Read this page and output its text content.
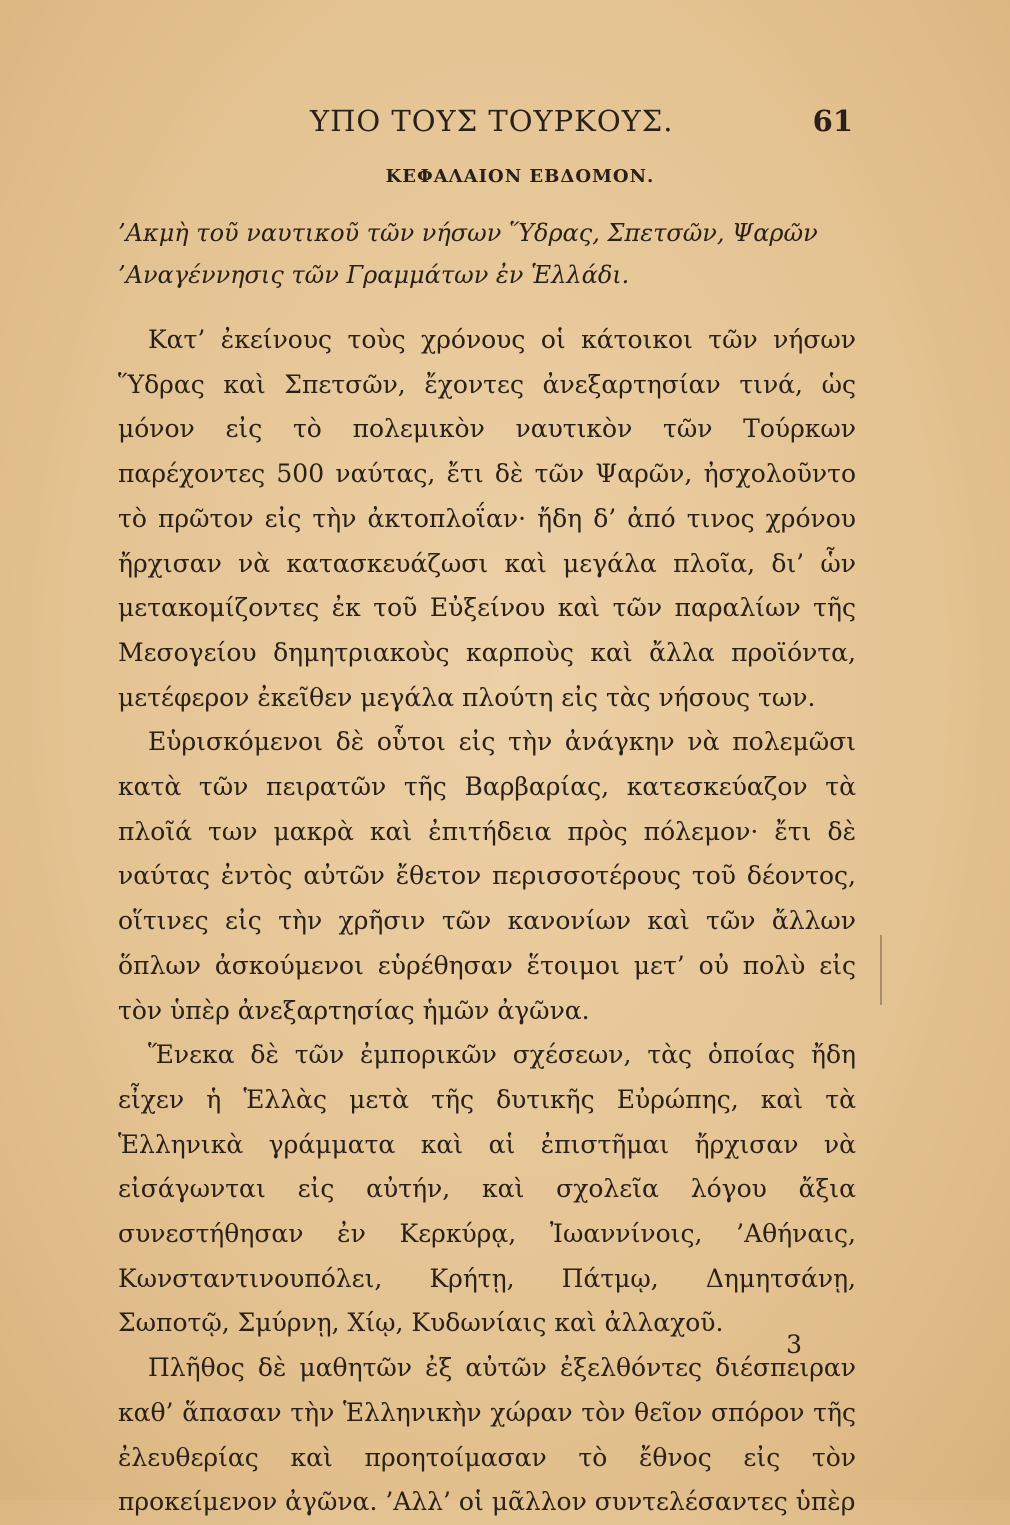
ΥΠΟ ΤΟΥΣ ΤΟΥΡΚΟΥΣ.	61
ΚΕΦΑΛΑΙΟΝ ΕΒΔΟΜΟΝ.
’Ακμὴ τοῦ ναυτικοῦ τῶν νήσων Ὕδρας, Σπετσῶν, Ψαρῶν
’Αναγέννησις τῶν Γραμμάτων ἐν Ἑλλάδι.

Κατ’ ἐκείνους τοὺς χρόνους οἱ κάτοικοι τῶν νήσων Ὕδρας καὶ Σπετσῶν, ἔχοντες ἀνεξαρτησίαν τινά, ὡς μόνον εἰς τὸ πολεμικὸν ναυτικὸν τῶν Τούρκων παρέχοντες 500 ναύτας, ἔτι δὲ τῶν Ψαρῶν, ἠσχολοῦντο τὸ πρῶτον εἰς τὴν ἀκτοπλοΐαν· ἤδη δ’ ἀπό τινος χρόνου ἤρχισαν νὰ κατασκευάζωσι καὶ μεγάλα πλοῖα, δι’ ὧν μετακομίζοντες ἐκ τοῦ Εὐξείνου καὶ τῶν παραλίων τῆς Μεσογείου δημητριακοὺς καρποὺς καὶ ἄλλα προϊόντα, μετέφερον ἐκεῖθεν μεγάλα πλούτη εἰς τὰς νήσους των.

Εὑρισκόμενοι δὲ οὗτοι εἰς τὴν ἀνάγκην νὰ πολεμῶσι κατὰ τῶν πειρατῶν τῆς Βαρβαρίας, κατεσκεύαζον τὰ πλοῖά των μακρὰ καὶ ἐπιτήδεια πρὸς πόλεμον· ἔτι δὲ ναύτας ἐντὸς αὐτῶν ἔθετον περισσοτέρους τοῦ δέοντος, οἵτινες εἰς τὴν χρῆσιν τῶν κανονίων καὶ τῶν ἄλλων ὅπλων ἀσκούμενοι εὑρέθησαν ἕτοιμοι μετ’ οὐ πολὺ εἰς τὸν ὑπὲρ ἀνεξαρτησίας ἡμῶν ἀγῶνα.

Ἕνεκα δὲ τῶν ἐμπορικῶν σχέσεων, τὰς ὁποίας ἤδη εἶχεν ἡ Ἑλλὰς μετὰ τῆς δυτικῆς Εὐρώπης, καὶ τὰ Ἑλληνικὰ γράμματα καὶ αἱ ἐπιστῆμαι ἤρχισαν νὰ εἰσάγωνται εἰς αὐτήν, καὶ σχολεῖα λόγου ἄξια συνεστήθησαν ἐν Κερκύρᾳ, Ἰωαννίνοις, ’Αθήναις, Κωνσταντινουπόλει, Κρήτῃ, Πάτμῳ, Δημητσάνῃ, Σωποτῷ, Σμύρνῃ, Χίῳ, Κυδωνίαις καὶ ἀλλαχοῦ.

Πλῆθος δὲ μαθητῶν ἐξ αὐτῶν ἐξελθόντες διέσπειραν καθ’ ἅπασαν τὴν Ἑλληνικὴν χώραν τὸν θεῖον σπόρον τῆς ἐλευθερίας καὶ προητοίμασαν τὸ ἔθνος εἰς τὸν προκείμενον ἀγῶνα. ’Αλλ’ οἱ μᾶλλον συντελέσαντες ὑπὲρ

3
